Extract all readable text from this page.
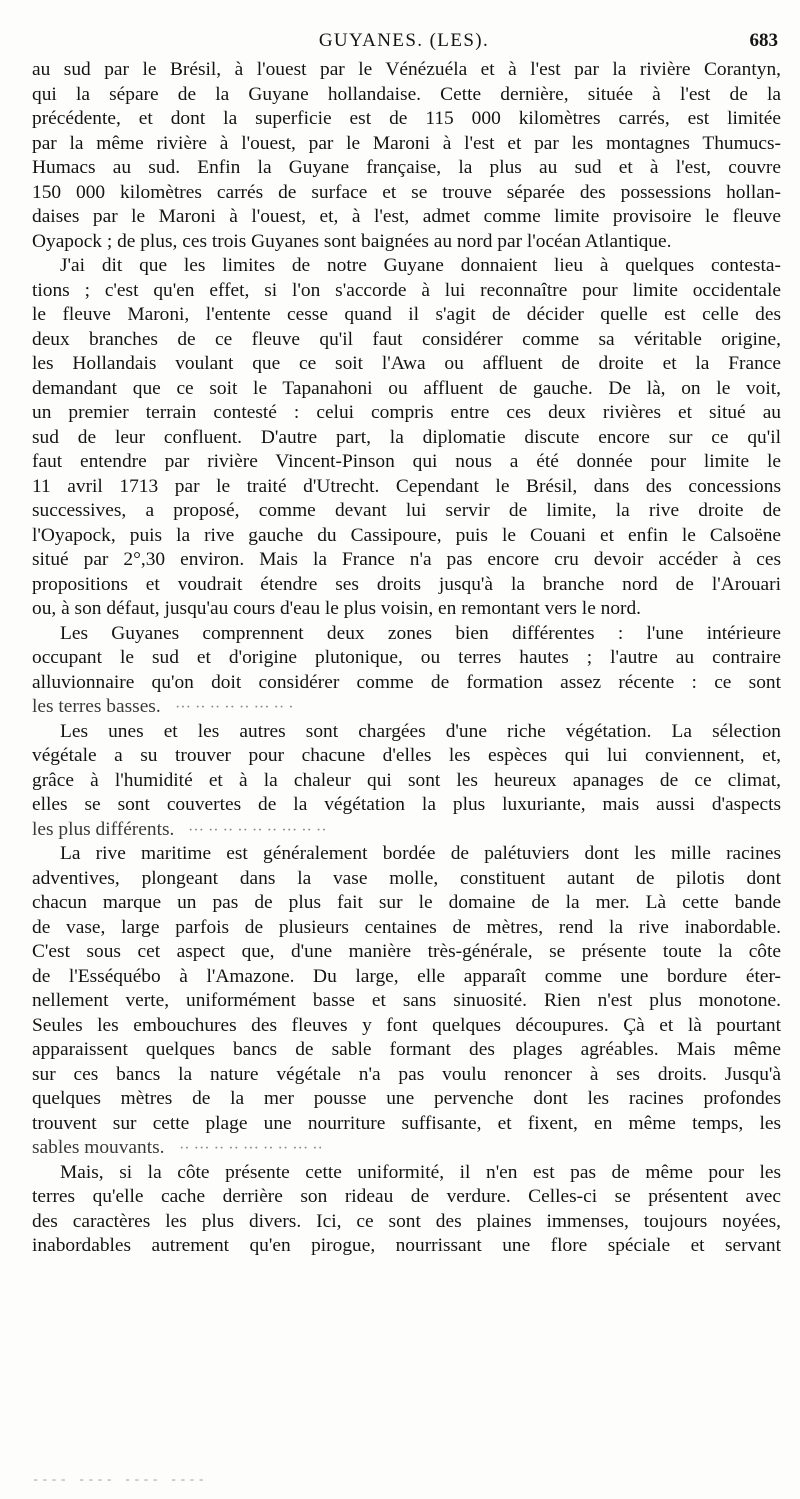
GUYANES. (LES).	683
au sud par le Brésil, à l'ouest par le Vénézuéla et à l'est par la rivière Corantyn,
qui la sépare de la Guyane hollandaise. Cette dernière, située à l'est de la
précédente, et dont la superficie est de 115 000 kilomètres carrés, est limitée
par la même rivière à l'ouest, par le Maroni à l'est et par les montagnes Thumucs-
Humacs au sud. Enfin la Guyane française, la plus au sud et à l'est, couvre
150 000 kilomètres carrés de surface et se trouve séparée des possessions hollan-
daises par le Maroni à l'ouest, et, à l'est, admet comme limite provisoire le fleuve
Oyapock ; de plus, ces trois Guyanes sont baignées au nord par l'océan Atlantique.
J'ai dit que les limites de notre Guyane donnaient lieu à quelques contesta-
tions ; c'est qu'en effet, si l'on s'accorde à lui reconnaître pour limite occidentale
le fleuve Maroni, l'entente cesse quand il s'agit de décider quelle est celle des
deux branches de ce fleuve qu'il faut considérer comme sa véritable origine,
les Hollandais voulant que ce soit l'Awa ou affluent de droite et la France
demandant que ce soit le Tapanahoni ou affluent de gauche. De là, on le voit,
un premier terrain contesté : celui compris entre ces deux rivières et situé au
sud de leur confluent. D'autre part, la diplomatie discute encore sur ce qu'il
faut entendre par rivière Vincent-Pinson qui nous a été donnée pour limite le
11 avril 1713 par le traité d'Utrecht. Cependant le Brésil, dans des concessions
successives, a proposé, comme devant lui servir de limite, la rive droite de
l'Oyapock, puis la rive gauche du Cassipoure, puis le Couani et enfin le Calsoëne
situé par 2°,30 environ. Mais la France n'a pas encore cru devoir accéder à ces
propositions et voudrait étendre ses droits jusqu'à la branche nord de l'Arouari
ou, à son défaut, jusqu'au cours d'eau le plus voisin, en remontant vers le nord.
Les Guyanes comprennent deux zones bien différentes : l'une intérieure
occupant le sud et d'origine plutonique, ou terres hautes ; l'autre au contraire
alluvionnaire qu'on doit considérer comme de formation assez récente : ce sont
les terres basses. · ·· ··· ·· ·· ·· ·· ···
Les unes et les autres sont chargées d'une riche végétation. La sélection
végétale a su trouver pour chacune d'elles les espèces qui lui conviennent, et,
grâce à l'humidité et à la chaleur qui sont les heureux apanages de ce climat,
elles se sont couvertes de la végétation la plus luxuriante, mais aussi d'aspects
les plus différents. ·· ·· ··· ·· ·· ·· ·· ·· ···
La rive maritime est généralement bordée de palétuviers dont les mille racines
adventives, plongeant dans la vase molle, constituent autant de pilotis dont
chacun marque un pas de plus fait sur le domaine de la mer. Là cette bande
de vase, large parfois de plusieurs centaines de mètres, rend la rive inabordable.
C'est sous cet aspect que, d'une manière très-générale, se présente toute la côte
de l'Esséquébo à l'Amazone. Du large, elle apparaît comme une bordure éter-
nellement verte, uniformément basse et sans sinuosité. Rien n'est plus monotone.
Seules les embouchures des fleuves y font quelques découpures. Çà et là pourtant
apparaissent quelques bancs de sable formant des plages agréables. Mais même
sur ces bancs la nature végétale n'a pas voulu renoncer à ses droits. Jusqu'à
quelques mètres de la mer pousse une pervenche dont les racines profondes
trouvent sur cette plage une nourriture suffisante, et fixent, en même temps, les
sables mouvants. ·· ··· ·· ·· ··· ·· ·· ··· ··
Mais, si la côte présente cette uniformité, il n'en est pas de même pour les
terres qu'elle cache derrière son rideau de verdure. Celles-ci se présentent avec
des caractères les plus divers. Ici, ce sont des plaines immenses, toujours noyées,
inabordables autrement qu'en pirogue, nourrissant une flore spéciale et servant
---- ---- ---- ----
